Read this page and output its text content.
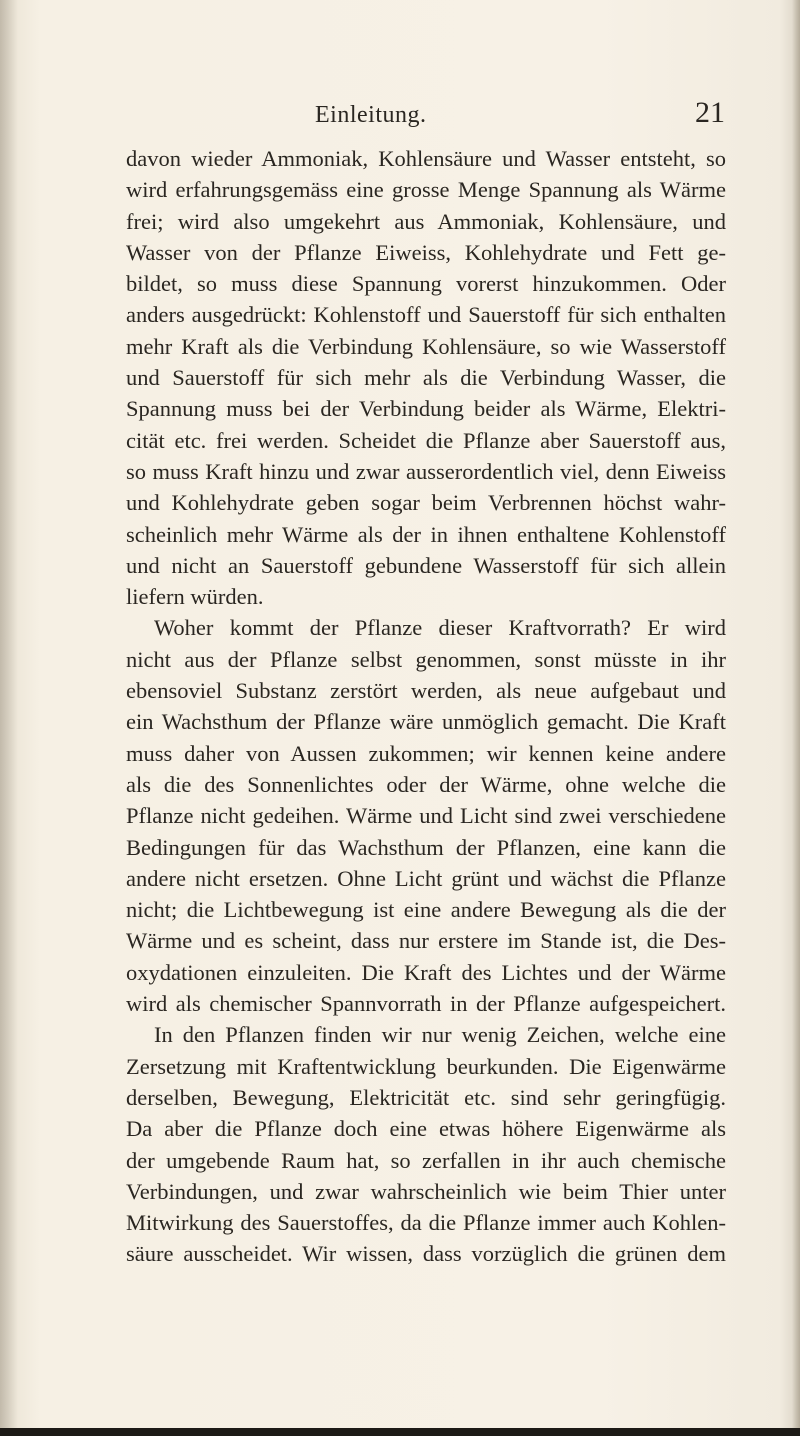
Einleitung.	21
davon wieder Ammoniak, Kohlensäure und Wasser entsteht, so
wird erfahrungsgemäss eine grosse Menge Spannung als Wärme
frei; wird also umgekehrt aus Ammoniak, Kohlensäure, und
Wasser von der Pflanze Eiweiss, Kohlehydrate und Fett ge-
bildet, so muss diese Spannung vorerst hinzukommen. Oder
anders ausgedrückt: Kohlenstoff und Sauerstoff für sich enthalten
mehr Kraft als die Verbindung Kohlensäure, so wie Wasserstoff
und Sauerstoff für sich mehr als die Verbindung Wasser, die
Spannung muss bei der Verbindung beider als Wärme, Elektri-
cität etc. frei werden. Scheidet die Pflanze aber Sauerstoff aus,
so muss Kraft hinzu und zwar ausserordentlich viel, denn Eiweiss
und Kohlehydrate geben sogar beim Verbrennen höchst wahr-
scheinlich mehr Wärme als der in ihnen enthaltene Kohlenstoff
und nicht an Sauerstoff gebundene Wasserstoff für sich allein
liefern würden.
Woher kommt der Pflanze dieser Kraftvorrath? Er wird
nicht aus der Pflanze selbst genommen, sonst müsste in ihr
ebensoviel Substanz zerstört werden, als neue aufgebaut und
ein Wachsthum der Pflanze wäre unmöglich gemacht. Die Kraft
muss daher von Aussen zukommen; wir kennen keine andere
als die des Sonnenlichtes oder der Wärme, ohne welche die
Pflanze nicht gedeihen. Wärme und Licht sind zwei verschiedene
Bedingungen für das Wachsthum der Pflanzen, eine kann die
andere nicht ersetzen. Ohne Licht grünt und wächst die Pflanze
nicht; die Lichtbewegung ist eine andere Bewegung als die der
Wärme und es scheint, dass nur erstere im Stande ist, die Des-
oxydationen einzuleiten. Die Kraft des Lichtes und der Wärme
wird als chemischer Spannvorrath in der Pflanze aufgespeichert.
In den Pflanzen finden wir nur wenig Zeichen, welche eine
Zersetzung mit Kraftentwicklung beurkunden. Die Eigenwärme
derselben, Bewegung, Elektricität etc. sind sehr geringfügig.
Da aber die Pflanze doch eine etwas höhere Eigenwärme als
der umgebende Raum hat, so zerfallen in ihr auch chemische
Verbindungen, und zwar wahrscheinlich wie beim Thier unter
Mitwirkung des Sauerstoffes, da die Pflanze immer auch Kohlen-
säure ausscheidet. Wir wissen, dass vorzüglich die grünen dem
